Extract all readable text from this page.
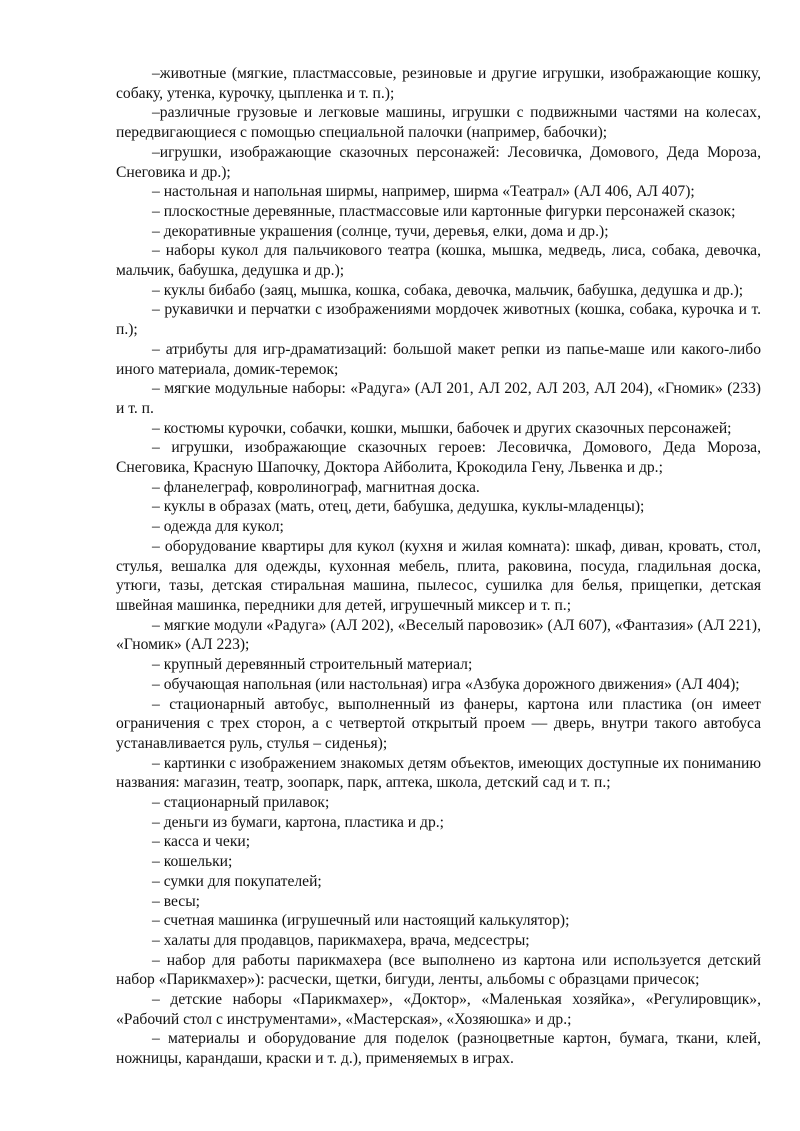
–животные (мягкие, пластмассовые, резиновые и другие игрушки, изображающие кошку, собаку, утенка, курочку, цыпленка и т. п.);

–различные грузовые и легковые машины, игрушки с подвижными частями на колесах, передвигающиеся с помощью специальной палочки (например, бабочки);

–игрушки, изображающие сказочных персонажей: Лесовичка, Домового, Деда Мороза, Снеговика и др.);

– настольная и напольная ширмы, например, ширма «Театрал» (АЛ 406, АЛ 407);

– плоскостные деревянные, пластмассовые или картонные фигурки персонажей сказок;

– декоративные украшения (солнце, тучи, деревья, елки, дома и др.);

– наборы кукол для пальчикового театра (кошка, мышка, медведь, лиса, собака, девочка, мальчик, бабушка, дедушка и др.);

– куклы бибабо (заяц, мышка, кошка, собака, девочка, мальчик, бабушка, дедушка и др.);

– рукавички и перчатки с изображениями мордочек животных (кошка, собака, курочка и т. п.);

– атрибуты для игр-драматизаций: большой макет репки из папье-маше или какого-либо иного материала, домик-теремок;

– мягкие модульные наборы: «Радуга» (АЛ 201, АЛ 202, АЛ 203, АЛ 204), «Гномик» (233) и т. п.

– костюмы курочки, собачки, кошки, мышки, бабочек и других сказочных персонажей;

– игрушки, изображающие сказочных героев: Лесовичка, Домового, Деда Мороза, Снеговика, Красную Шапочку, Доктора Айболита, Крокодила Гену, Львенка и др.;

– фланелеграф, ковролинограф, магнитная доска.

– куклы в образах (мать, отец, дети, бабушка, дедушка, куклы-младенцы);

– одежда для кукол;

– оборудование квартиры для кукол (кухня и жилая комната): шкаф, диван, кровать, стол, стулья, вешалка для одежды, кухонная мебель, плита, раковина, посуда, гладильная доска, утюги, тазы, детская стиральная машина, пылесос, сушилка для белья, прищепки, детская швейная машинка, передники для детей, игрушечный миксер и т. п.;

– мягкие модули «Радуга» (АЛ 202), «Веселый паровозик» (АЛ 607), «Фантазия» (АЛ 221), «Гномик» (АЛ 223);

– крупный деревянный строительный материал;

– обучающая напольная (или настольная) игра «Азбука дорожного движения» (АЛ 404);

– стационарный автобус, выполненный из фанеры, картона или пластика (он имеет ограничения с трех сторон, а с четвертой открытый проем — дверь, внутри такого автобуса устанавливается руль, стулья – сиденья);

– картинки с изображением знакомых детям объектов, имеющих доступные их пониманию названия: магазин, театр, зоопарк, парк, аптека, школа, детский сад и т. п.;

– стационарный прилавок;

– деньги из бумаги, картона, пластика и др.;

– касса и чеки;

– кошельки;

– сумки для покупателей;

– весы;

– счетная машинка (игрушечный или настоящий калькулятор);

– халаты для продавцов, парикмахера, врача, медсестры;

– набор для работы парикмахера (все выполнено из картона или используется детский набор «Парикмахер»): расчески, щетки, бигуди, ленты, альбомы с образцами причесок;

– детские наборы «Парикмахер», «Доктор», «Маленькая хозяйка», «Регулировщик», «Рабочий стол с инструментами», «Мастерская», «Хозяюшка» и др.;

– материалы и оборудование для поделок (разноцветные картон, бумага, ткани, клей, ножницы, карандаши, краски и т. д.), применяемых в играх.
